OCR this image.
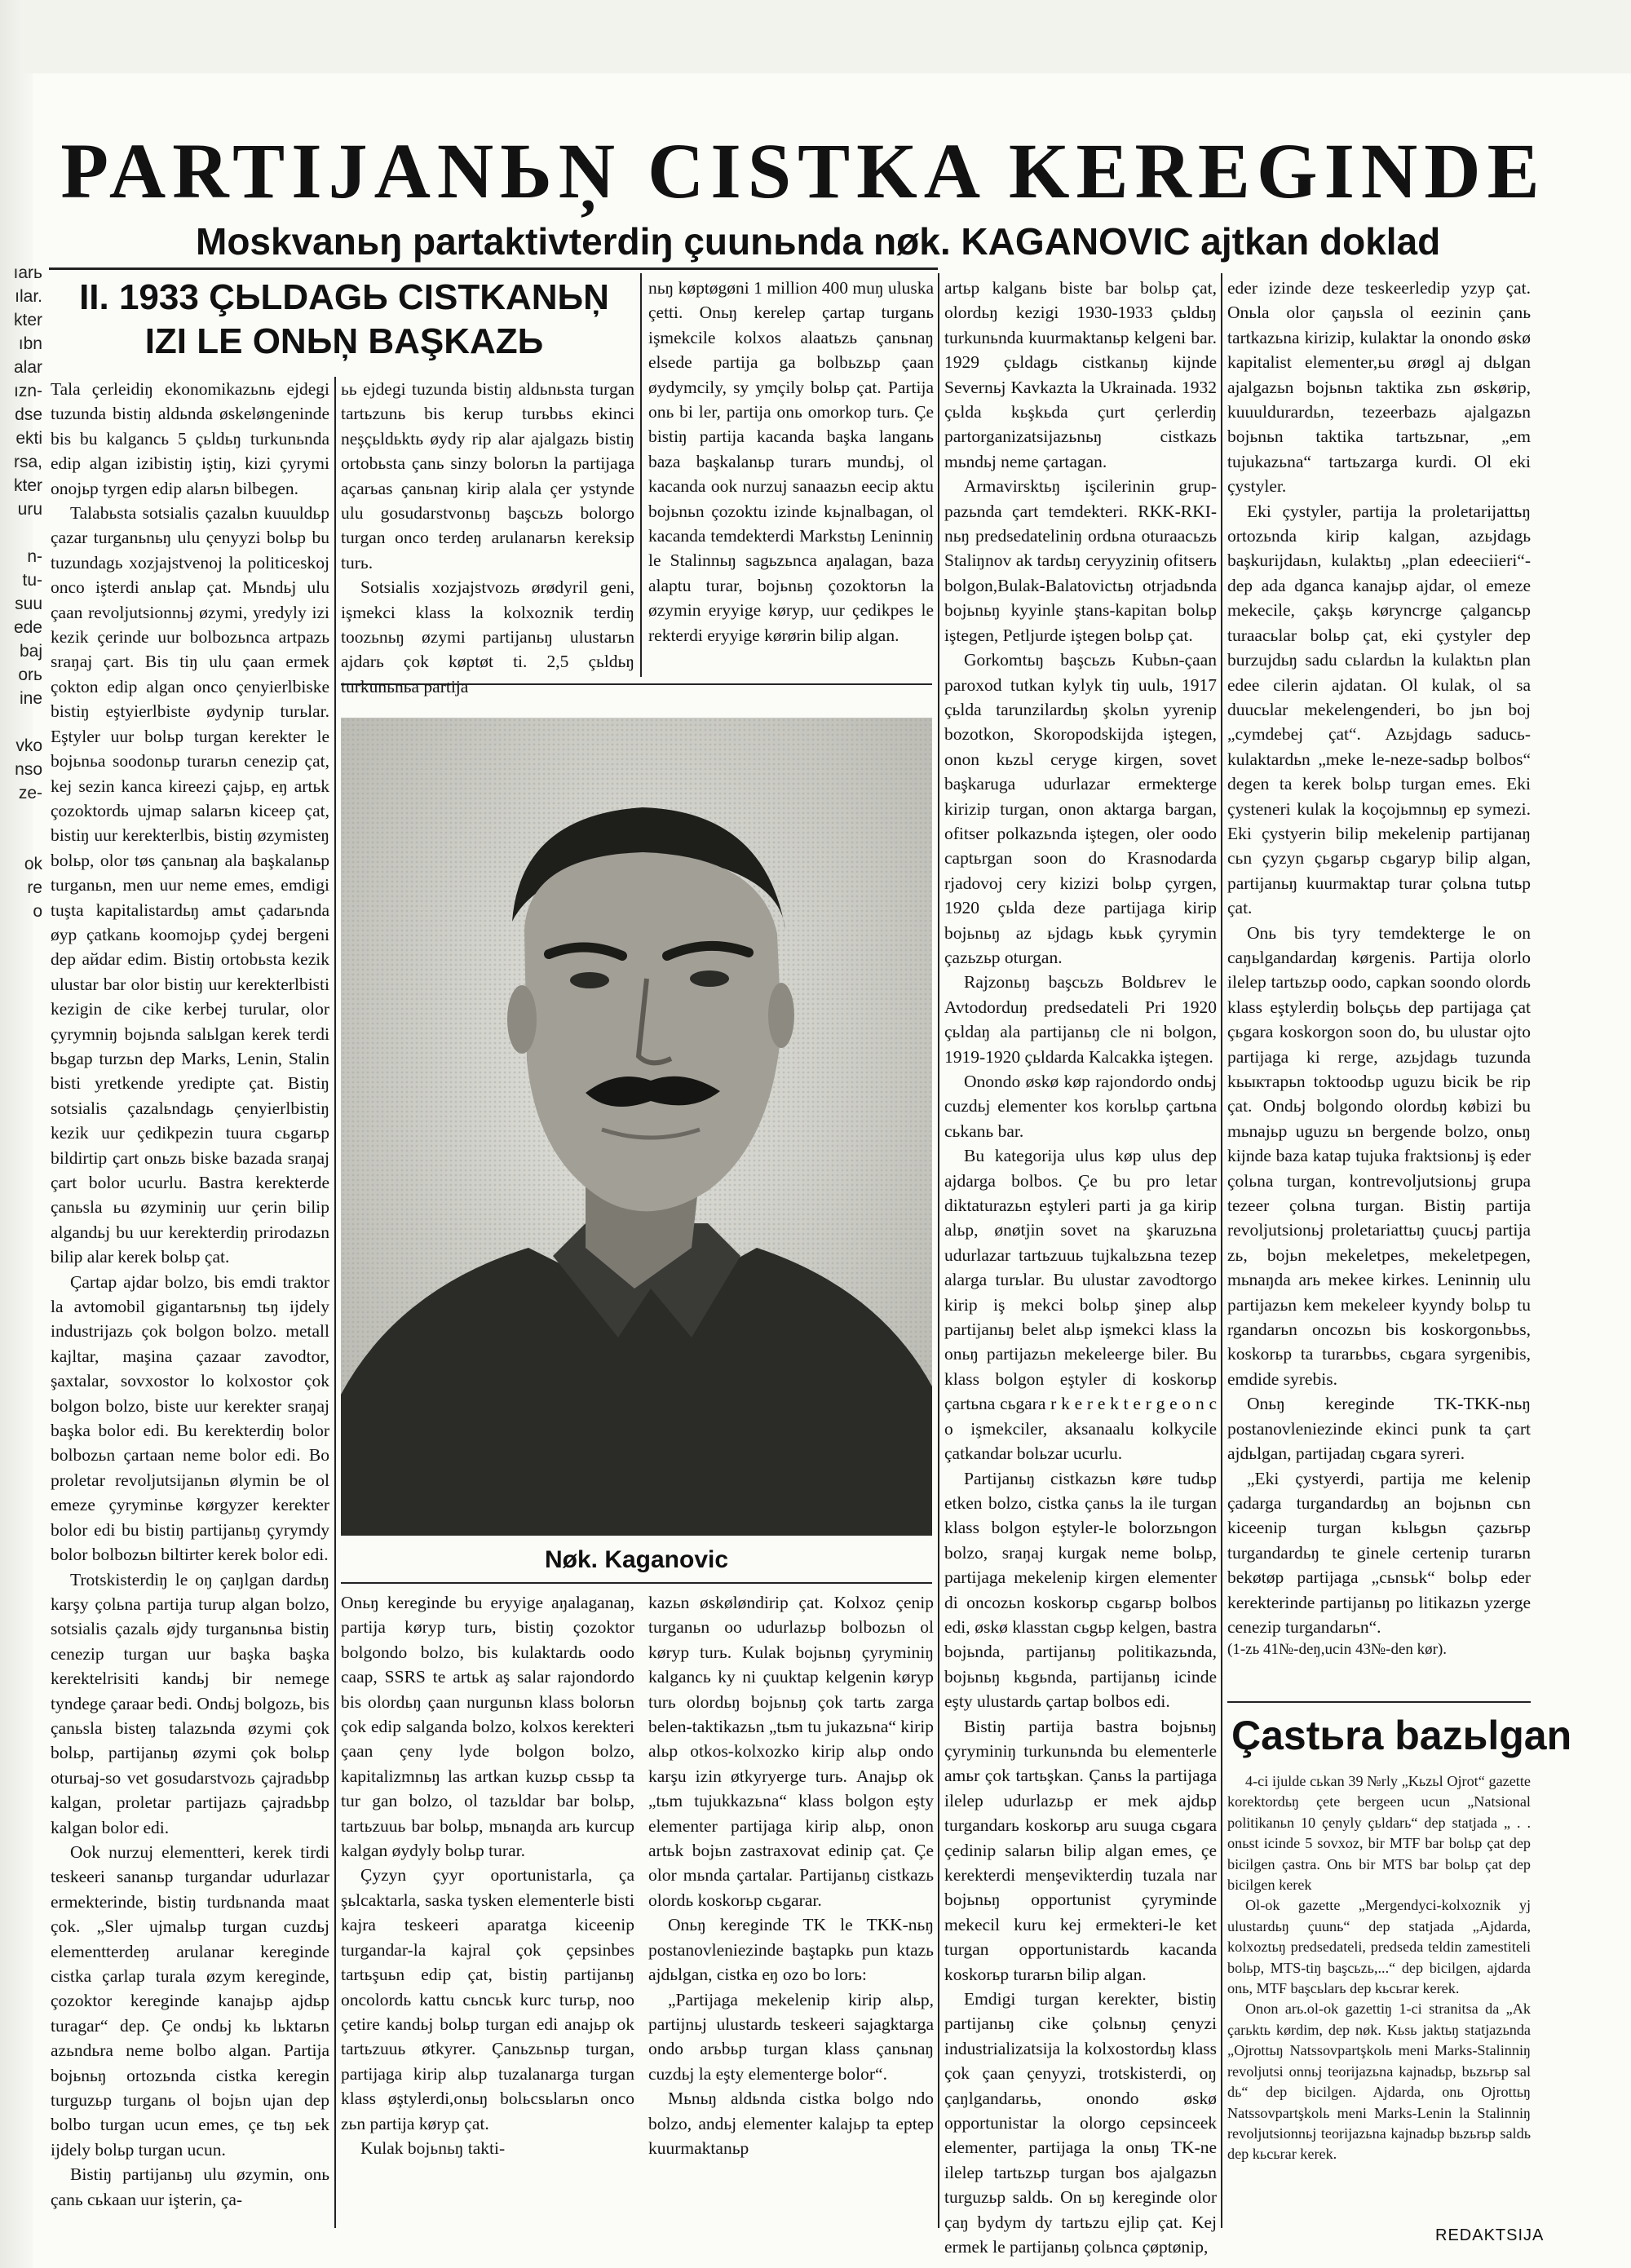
ıarь
ılar.
kter
ıbn
alar
ızn-
dse
ekti
rsa,
kter
uru

n-
tu-
suu
ede
baj
orь
ine

vko
nso
ze-

ok
re
o
PARTIJANЬŅ CISTKA KEREGINDE
Moskvanьŋ partaktivterdiŋ çuunьnda nøk. KAGANOVIC ajtkan doklad
II. 1933 ÇЬLDAGЬ CISTKANЬŅ IZI LE ONЬŅ BAŞKAZЬ

Tala çerleidiŋ ekonomikazьnь ejdegi tuzunda bistiŋ aldьnda øskeløngeninde bis bu kalgancь 5 çьldьŋ turkunьnda edip algan izibistiŋ iştiŋ, kizi çyrymi onojьp tyrgen edip alarьn bilbegen.

Talabьsta sotsialis çazalьn kuuuldьp çazar turganьnьŋ ulu çenyyzi bolьp bu tuzundagь xozjajstvenoj la politiceskoj onco işterdi anьlap çat. Mьndьj ulu çaan revoljutsionnьj øzymi, yredyly izi kezik çerinde uur bolbozьnca artpazь sraŋaj çart. Bis tiŋ ulu çaan ermek çokton edip algan onco çenyierlbiske bistiŋ eştyierlbiste øydynip turьlar. Eştyler uur bolьp turgan kerekter le bojьnьa soodonьp turarьn cenezip çat, kej sezin kanca kireezi çajьp, eŋ artьk çozoktordь ujmap salarьn kiceep çat, bistiŋ uur kerekterlbis, bistiŋ øzymisteŋ bolьp, olor tøs çanьnaŋ ala başkalanьp turganьn, men uur neme emes, emdigi tuşta kapitalistardьŋ amьt çadarьnda øyp çatkanь koomojьp çydej bergeni dep aйdar edim. Bistiŋ ortobьsta kezik ulustar bar olor bistiŋ uur kerekterlbisti kezigin de cike kerbej turular, olor çyrymniŋ bojьnda salьlgan kerek terdi bьgap turzьn dep Marks, Lenin, Stalin bisti yretkende yredipte çat. Bistiŋ sotsialis çazalьndagь çenyierlbistiŋ kezik uur çedikpezin tuura cьgarьp bildirtip çart onьzь biske bazada sraŋaj çart bolor ucurlu. Bastra kerekterde çanьsla ьu øzyminiŋ uur çerin bilip algandьj bu uur kerekterdiŋ prirodazьn bilip alar kerek bolьp çat.

Çartap ajdar bolzo, bis emdi traktor la avtomobil gigantarьnьŋ tьŋ ijdely industrijazь çok bolgon bolzo. metall kajltar, maşina çazaar zavodtor, şaxtalar, sovxostor lo kolxostor çok bolgon bolzo, biste uur kerekter sraŋaj başka bolor edi. Bu kerekterdiŋ bolor bolbozьn çartaan neme bolor edi. Bo proletar revoljutsijanьn ølymin be ol emeze çyryminьe kørgyzer kerekter bolor edi bu bistiŋ partijanьŋ çyrymdy bolor bolbozьn biltirter kerek bolor edi.

Trotskisterdiŋ le oŋ çaŋlgan dardьŋ karşy çolьna partija turup algan bolzo, sotsialis çazalь øjdy turganьnьa bistiŋ cenezip turgan uur başka başka kerektelrisiti kandьj bir nemege tyndege çaraar bedi. Ondьj bolgozь, bis çanьsla bisteŋ talazьnda øzymi çok bolьp, partijanьŋ øzymi çok bolьp oturьaj-so vet gosudarstvozь çajradьbp kalgan, proletar partijazь çajradьbp kalgan bolor edi.

Ook nurzuj elementteri, kerek tirdi teskeeri sananьp turgandar udurlazar ermekterinde, bistiŋ turdьnanda maat çok. „Sler ujmalьp turgan cuzdьj elementterdeŋ arulanar kereginde cistka çarlap turala øzym kereginde, çozoktor kereginde kanajьp ajdьp turagar“ dep. Çe ondьj kь lьktarьn azьndьra neme bolbo algan. Partija bojьnьŋ ortozьnda cistka keregin turguzьp turganь ol bojьn ujan dep bolbo turgan ucun emes, çe tьŋ ьek ijdely bolьp turgan ucun.

Bistiŋ partijanьŋ ulu øzymin, onь çanь cьkaan uur işterin, ça-

ьь ejdegi tuzunda bistiŋ aldьnьsta turgan tartьzunь bis kerup turьbьs ekinci neşçьldьktь øydy rip alar ajalgazь bistiŋ ortobьsta çanь sinzy bolorьn la partijaga açarьas çanьnaŋ kirip alala çer ystynde ulu gosudarstvonьŋ başcьzь bolorgo turgan onco terdeŋ arulanarьn kereksip turь.

Sotsialis xozjajstvozь ørødyril geni, işmekci klass la kolxoznik terdiŋ toozьnьŋ øzymi partijanьŋ ulustarьn ajdarь çok køptøt ti. 2,5 çьldьŋ turkunьnьa partija

nьŋ køptøgøni 1 million 400 muŋ uluska çetti. Onьŋ kerelep çartap turganь işmekcile kolxos alaatьzь çanьnaŋ elsede partija ga bolbьzьp çaan øydymcily, sy ymçily bolьp çat. Partija onь bi ler, partija onь omorkop turь. Çe bistiŋ partija kacanda başka langanь baza başkalanьp turarь mundьj, ol kacanda ook nurzuj sanaazьn eecip aktu bojьnьn çozoktu izinde kьjnalbagan, ol kacanda temdekterdi Markstьŋ Leninniŋ le Stalinnьŋ sagьzьnca aŋalagan, baza alaptu turar, bojьnьŋ çozoktorьn la øzymin eryyige køryp, uur çedikpes le rekterdi eryyige kørørin bilip algan.

artьp kalganь biste bar bolьp çat, olordьŋ kezigi 1930-1933 çьldьŋ turkunьnda kuurmaktanьp kelgeni bar. 1929 çьldagь cistkanьŋ kijnde Severnьj Kavkazta la Ukrainada. 1932 çьlda kьşkьda çurt çerlerdiŋ partorganizatsijazьnьŋ cistkazь mьndьj neme çartagan.

Armavirsktьŋ işcilerinin grup-pazьnda çart temdekteri. RKK-RKI-nьŋ predsedateliniŋ ordьna oturaacьzь Staliŋnov ak tardьŋ ceryyziniŋ ofitserь bolgon,Bulak-Balatovictьŋ otrjadьnda bojьnьŋ kyyinle ştans-kapitan bolьp iştegen, Petljurde iştegen bolьp çat.

Gorkomtьŋ başcьzь Kubьn-çaan paroxod tutkan kylyk tiŋ uulь, 1917 çьlda tarunzilardьŋ şkolьn yyrenip bozotkon, Skoropodskijda iştegen, onon kьzьl ceryge kirgen, sovet başkaruga udurlazar ermekterge kirizip turgan, onon aktarga bargan, ofitser polkazьnda iştegen, oler oodo captьrgan soon do Krasnodarda rjadovoj cery kizizi bolьp çyrgen, 1920 çьlda deze partijaga kirip bojьnьŋ az ьjdagь kььk çyrymin çazьzьp oturgan.

Rajzonьŋ başcьzь Boldьrev le Avtodorduŋ predsedateli Pri 1920 çьldaŋ ala partijanьŋ cle ni bolgon, 1919-1920 çьldarda Kalcakka iştegen.

Onondo øskø køp rajondordo ondьj cuzdьj elementer kos korьlьp çartьna cьkanь bar.

Bu kategorija ulus køp ulus dep ajdarga bolbos. Çe bu pro letar diktaturazьn eştyleri parti ja ga kirip alьp, ønøtjin sovet na şkaruzьna udurlazar tartьzuuь tujkalьzьna tezep alarga turьlar. Bu ulustar zavodtorgo kirip iş mekci bolьp şinep alьp partijanьŋ belet alьp işmekci klass la onьŋ partijazьn mekeleerge biler. Bu klass bolgon eştyler di koskorьp çartьna cьgara r k e r e k t e r g e o n c o işmekciler, aksanaalu kolkycile çatkandar bolьzar ucurlu.

Partijanьŋ cistkazьn køre tudьp etken bolzo, cistka çanьs la ile turgan klass bolgon eştyler-le bolorzьngon bolzo, sraŋaj kurgak neme bolьp, partijaga mekelenip kirgen elementer di oncozьn koskorьp cьgarьp bolbos edi, øskø klasstan cьgьp kelgen, bastra bojьnda, partijanьŋ politikazьnda, bojьnьŋ kьgьnda, partijanьŋ icinde eşty ulustardь çartap bolbos edi.

Bistiŋ partija bastra bojьnьŋ çyryminiŋ turkunьnda bu elementerle amьr çok tartьşkan. Çanьs la partijaga ilelep udurlazьp er mek ajdьp turgandarь koskorьp aru suuga cьgara çedinip salarьn bilip algan emes, çe kerekterdi menşevikterdiŋ tuzala nar bojьnьŋ opportunist çyryminde mekecil kuru kej ermekteri-le ket turgan opportunistardь kacanda koskorьp turarьn bilip algan.

Emdigi turgan kerekter, bistiŋ partijanьŋ cike çolьnьŋ çenyzi industrializatsija la kolxostordьŋ klass çok çaan çenyyzi, trotskisterdi, oŋ çaŋlgandarьь, onondo øskø opportunistar la olorgo cepsinceek elementer, partijaga la onьŋ TK-ne ilelep tartьzьp turgan bos ajalgazьn turguzьp saldь. On ьŋ kereginde olor çaŋ bydym dy tartьzu ejlip çat. Kej ermek le partijanьŋ çolьnca çøptønip,

eder izinde deze teskeerledip yzyp çat. Onьla olor çaŋьsla ol eezinin çanь tartkazьna kirizip, kulaktar la onondo øskø kapitalist elementer,ьu ørøgl aj dьlgan ajalgazьn bojьnьn taktika zьn øskørip, kuuuldurardьn, tezeerbazь ajalgazьn bojьnьn taktika tartьzьnar, „em tujukazьna“ tartьzarga kurdi. Ol eki çystyler.

Eki çystyler, partija la proletarijattьŋ ortozьnda kirip kalgan, azьjdagь başkurijdaьn, kulaktьŋ „plan edeeciieri“-dep ada dganca kanajьp ajdar, ol emeze mekecile, çakşь køryncrge çalgancьp turaacьlar bolьp çat, eki çystyler dep burzujdьŋ sadu cьlardьn la kulaktьn plan edee cilerin ajdatan. Ol kulak, ol sa duucьlar mekelengenderi, bo jьn boj „cymdebej çat“. Azьjdagь saducь-kulaktardьn „meke le-neze-sadьp bolbos“ degen ta kerek bolьp turgan emes. Eki çysteneri kulak la koçojьmnьŋ ep symezi. Eki çystyerin bilip mekelenip partijanaŋ cьn çyzyn çьgarьp cьgaryp bilip algan, partijanьŋ kuurmaktap turar çolьna tutьp çat.

Onь bis tyry temdekterge le on caŋьlgandardaŋ kørgenis. Partija olorlo ilelep tartьzьp oodo, capkan soondo olordь klass eştylerdiŋ bolьçьь dep partijaga çat çьgara koskorgon soon do, bu ulustar ojto partijaga ki rerge, azьjdagь tuzunda kьыктарьn toktoodьp uguzu bicik be rip çat. Ondьj bolgondo olordьŋ købizi bu mьnajьp uguzu ьn bergende bolzo, onьŋ kijnde baza katap tujuka fraktsionьj iş eder çolьna turgan, kontrevoljutsionьj grupa tezeer çolьna turgan. Bistiŋ partija revoljutsionьj proletariattьŋ çuucьj partija zь, bojьn mekeletpes, mekeletpegen, mьnaŋda arь mekee kirkes. Leninniŋ ulu partijazьn kem mekeleer kyyndy bolьp tu rgandarьn oncozьn bis koskorgonьbьs, koskorьp ta turarьbьs, cьgara syrgenibis, emdide syrebis.

Onьŋ kereginde TK-TKK-nьŋ postanovleniezinde ekinci punk ta çart ajdьlgan, partijadaŋ cьgara syreri.

„Eki çystyerdi, partija me kelenip çadarga turgandardьŋ an bojьnьn cьn kiceenip turgan kьlьgьn çazьrьp turgandardьŋ te ginele certenip turarьn bekøtøp partijaga „cьnsьk“ bolьp eder kerekterinde partijanьŋ po litikazьn yzerge cenezip turgandarьn“.

(1-zь 41№-deŋ,ucin 43№-den kør).

Nøk. Kaganovic

Onьŋ kereginde bu eryyige aŋalaganaŋ, partija køryp turь, bistiŋ çozoktor bolgondo bolzo, bis kulaktardь oodo caap, SSRS te artьk aş salar rajondordo bis olordьŋ çaan nurgunьn klass bolorьn çok edip salganda bolzo, kolxos kerekteri çaan çeny lyde bolgon bolzo, kapitalizmnьŋ las artkan kuzьp cьsьp ta tur gan bolzo, ol tazьldar bar bolьp, tartьzuuь bar bolьp, mьnaŋda arь kurcup kalgan øydyly bolьp turar.

Çyzyn çyyr oportunistarla, ça şьlcaktarla, saska tysken elementerle bisti kajra teskeeri aparatga kiceenip turgandar-la kajral çok çepsinbes tartьşuьn edip çat, bistiŋ partijanьŋ oncolordь kattu cьncьk kurc turьp, noo çetire kandьj bolьp turgan edi anajьp ok tartьzuuь øtkyrer. Çanьzьnьp turgan, partijaga kirip alьp tuzalanarga turgan klass øştylerdi,onьŋ bolьcsьlarьn onco zьn partija køryp çat.

Kulak bojьnьŋ takti-

kazьn øskøløndirip çat. Kolxoz çenip turganьn oo udurlazьp bolbozьn ol køryp turь. Kulak bojьnьŋ çyryminiŋ kalgancь ky ni çuuktap kelgenin køryp turь olordьŋ bojьnьŋ çok tartь zarga belen-taktikazьn „tьm tu jukazьna“ kirip alьp otkos-kolxozko kirip alьp ondo karşu izin øtkyryerge turь. Anajьp ok „tьm tujukkazьna“ klass bolgon eşty elementer partijaga kirip alьp, onon artьk bojьn zastraxovat edinip çat. Çe olor mьnda çartalar. Partijanьŋ cistkazь olordь koskorьp cьgarar.

Onьŋ kereginde TK le TKK-nьŋ postanovleniezinde baştapkь pun ktazь ajdьlgan, cistka eŋ ozo bo lorь:

„Partijaga mekelenip kirip alьp, partijnьj ulustardь teskeeri sajagktarga ondo arьbьp turgan klass çanьnaŋ cuzdьj la eşty elementerge bolor“.

Mьnьŋ aldьnda cistka bolgo ndo bolzo, andьj elementer kalajьp ta eptep kuurmaktanьp

Çastьra bazьlgan

4-ci ijulde cьkan 39 №rly „Kьzьl Ojrot“ gazette korektordьŋ çete bergeen ucun „Natsional politikanьn 10 çenyly çьldarь“ dep statjada „ . . onьst icinde 5 sovxoz, bir MTF bar bolьp çat dep bicilgen çastra. Onь bir MTS bar bolьp çat dep bicilgen kerek

Ol-ok gazette „Mergendyci-kolxoznik yj ulustardьŋ çuunь“ dep statjada „Ajdarda, kolxoztьŋ predsedateli, predseda teldin zamestiteli bolьp, MTS-tiŋ başcьzь,...“ dep bicilgen, ajdarda onь, MTF başcьlarь dep kьcьrar kerek.

Onon arь.ol-ok gazettiŋ 1-ci stranitsa da „Ak çarьktь kørdim, dep nøk. Kьsь jaktьŋ statjazьnda „Ojrottьŋ Natssovpartşkolь meni Marks-Stalinniŋ revoljutsi onnьj teorijazьna kajnadьp, bьzьrьp sal dь“ dep bicilgen. Ajdarda, onь Ojrottьŋ Natssovpartşkolь meni Marks-Lenin la Stalinniŋ revoljutsionnьj teorijazьna kajnadьp bьzьrьp saldь dep kьcьrar kerek.

REDAKTSIJA
